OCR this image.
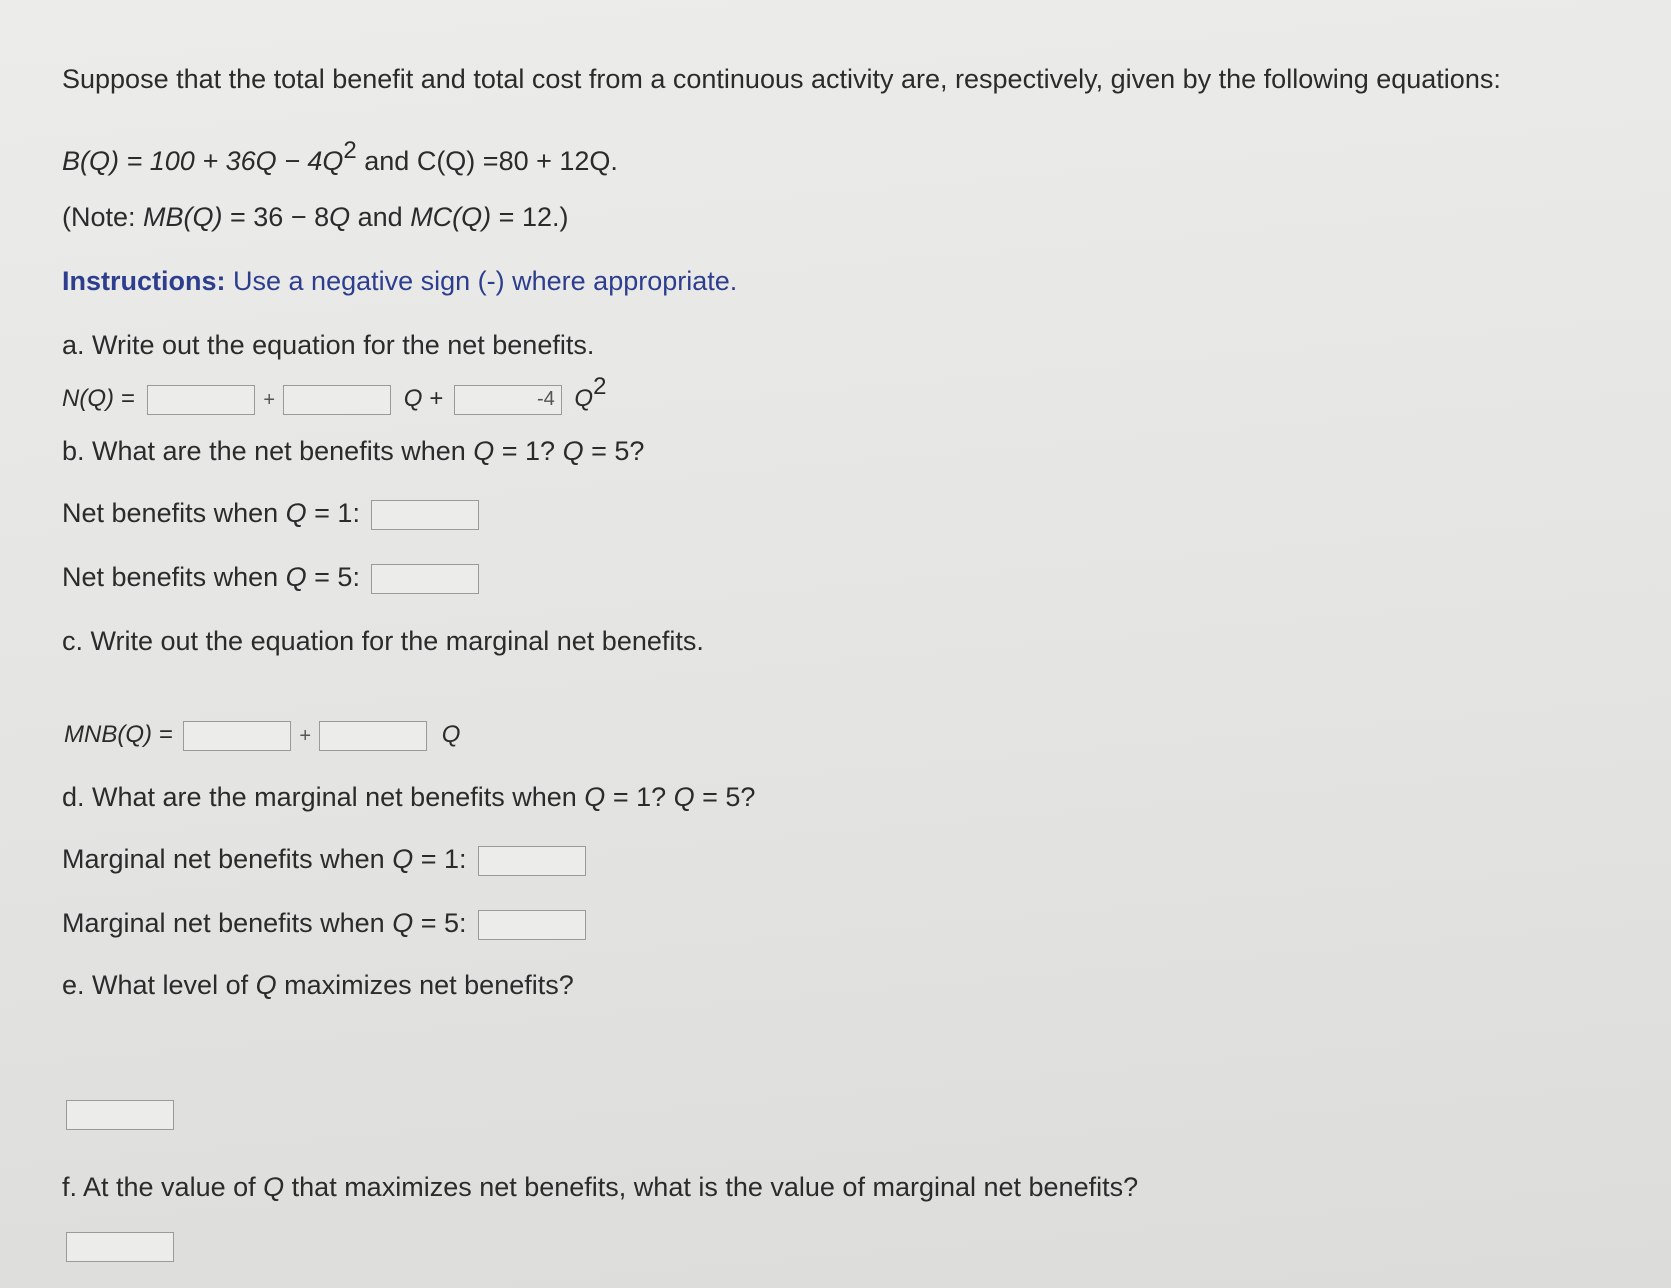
Suppose that the total benefit and total cost from a continuous activity are, respectively, given by the following equations:
B(Q) = 100 + 36Q − 4Q2 and C(Q) =80 + 12Q.
(Note: MB(Q) = 36 − 8Q and MC(Q) = 12.)
Instructions: Use a negative sign (-) where appropriate.
a. Write out the equation for the net benefits.
N(Q) =	+	Q +	-4 Q2
b. What are the net benefits when Q = 1? Q = 5?
Net benefits when Q = 1:
Net benefits when Q = 5:
c. Write out the equation for the marginal net benefits.
MNB(Q) =	+	Q
d. What are the marginal net benefits when Q = 1? Q = 5?
Marginal net benefits when Q = 1:
Marginal net benefits when Q = 5:
e. What level of Q maximizes net benefits?
f. At the value of Q that maximizes net benefits, what is the value of marginal net benefits?
